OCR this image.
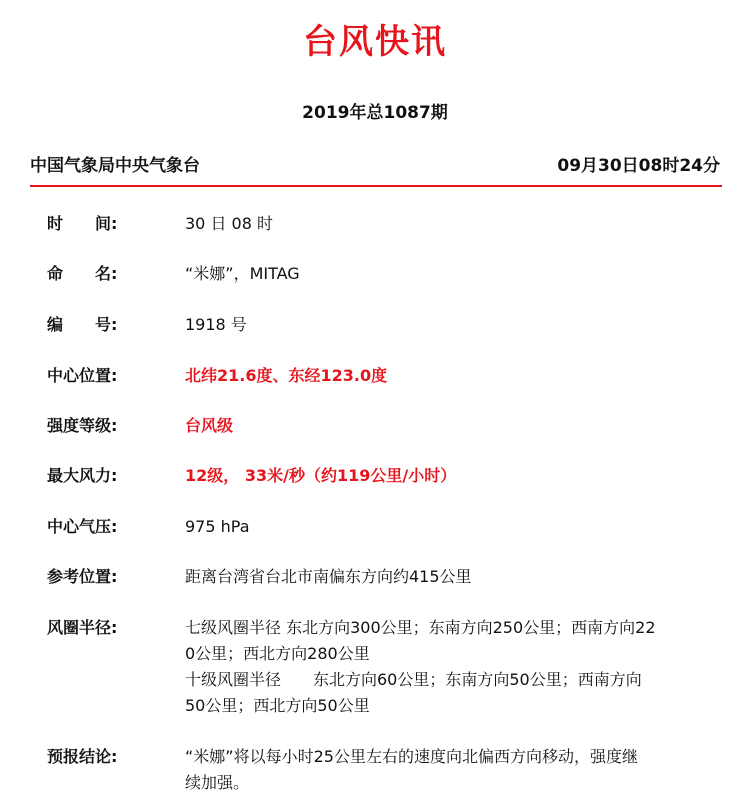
台风快讯
2019年总1087期
中国气象局中央气象台	09月30日08时24分
时 间:	30 日 08 时
命 名:	“米娜”，MITAG
编 号:	1918 号
中心位置:	北纬21.6度、东经123.0度
强度等级:	台风级
最大风力:	12级， 33米/秒（约119公里/小时）
中心气压:	975 hPa
参考位置:	距离台湾省台北市南偏东方向约415公里
风圈半径:	七级风圈半径 东北方向300公里；东南方向250公里；西南方向22
0公里；西北方向280公里
十级风圈半径　　东北方向60公里；东南方向50公里；西南方向
50公里；西北方向50公里
预报结论:	“米娜”将以每小时25公里左右的速度向北偏西方向移动，强度继
续加强。
